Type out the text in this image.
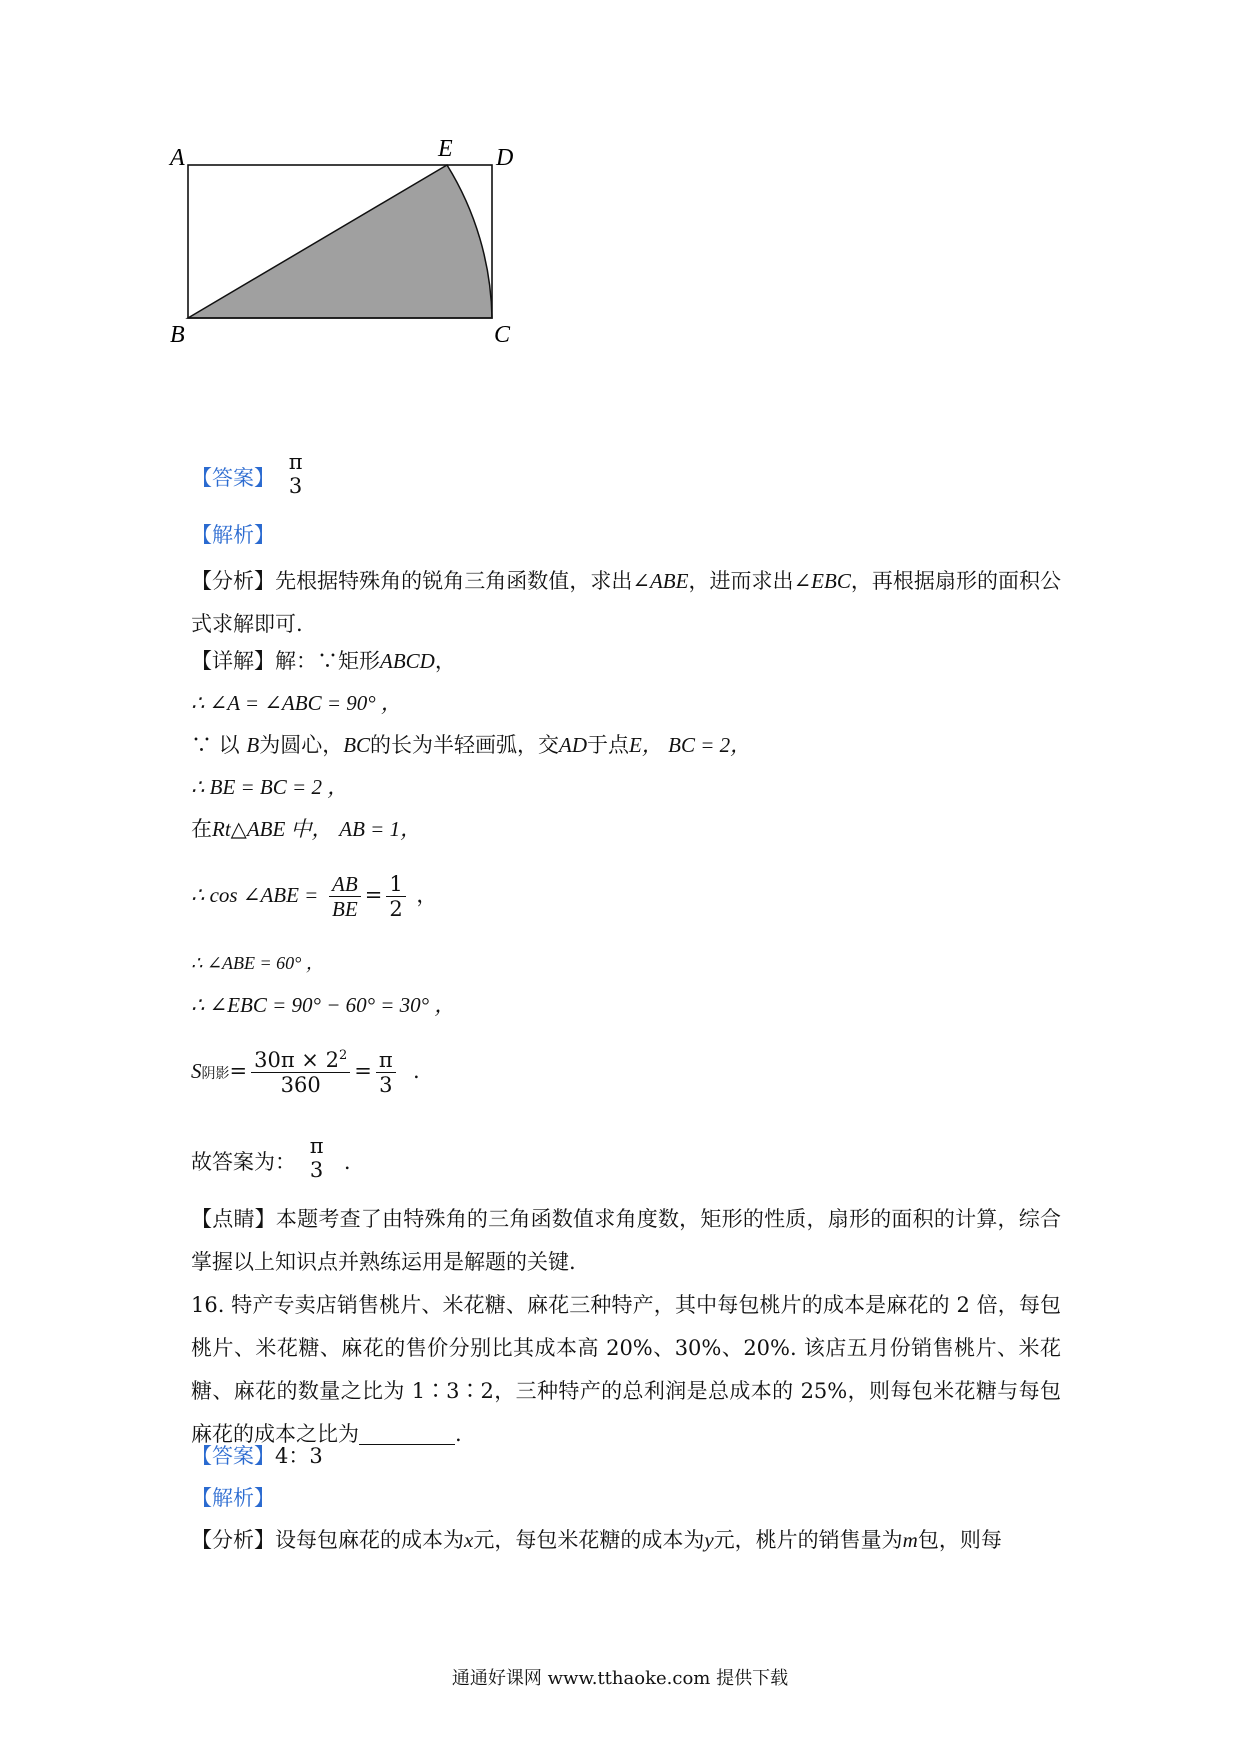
A	E D
B	C
【答案】
π
3
【解析】
【分析】先根据特殊角的锐角三角函数值，求出∠ABE，进而求出∠EBC，再根据扇形的面积公式求解即可.
【详解】解：∵矩形ABCD，
∴ ∠A = ∠ABC = 90° ，
∵ 以 B为圆心，BC的长为半轻画弧，交AD于点E， BC = 2，
∴ BE = BC = 2 ，
在Rt△ABE 中， AB = 1，
∴ cos ∠ABE = $\frac{AB}{BE} = \frac{1}{2}$ ，
∴ ∠ABE = 60° ，
∴ ∠EBC = 90° − 60° = 30° ，
S阴影= $\frac{30\pi \times 2^2}{360} = \frac{\pi}{3}$ .
故答案为：
π
3 .
【点睛】本题考查了由特殊角的三角函数值求角度数，矩形的性质，扇形的面积的计算，综合掌握以上知识点并熟练运用是解题的关键.
16. 特产专卖店销售桃片、米花糖、麻花三种特产，其中每包桃片的成本是麻花的 2 倍，每包桃片、米花糖、麻花的售价分别比其成本高 20%、30%、20%. 该店五月份销售桃片、米花糖、麻花的数量之比为 1∶3∶2，三种特产的总利润是总成本的 25%，则每包米花糖与每包麻花的成本之比为	.
【答案】4：3
【解析】
【分析】设每包麻花的成本为x元，每包米花糖的成本为y元，桃片的销售量为m包，则每
通通好课网 www.tthaoke.com 提供下载
